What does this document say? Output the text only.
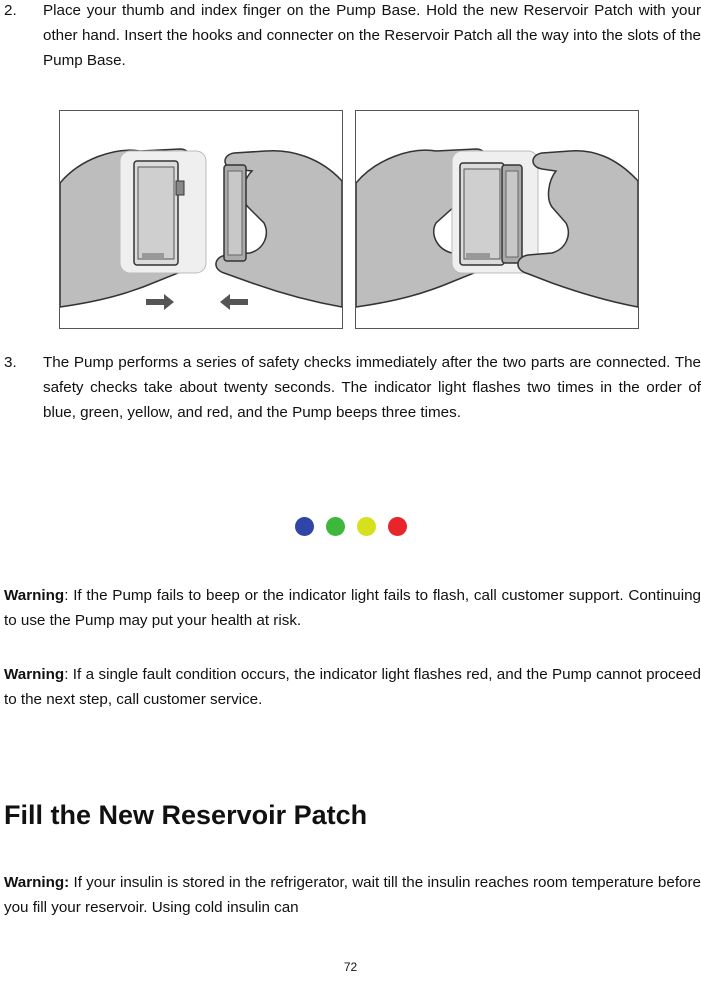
2. Place your thumb and index finger on the Pump Base. Hold the new Reservoir Patch with your other hand. Insert the hooks and connecter on the Reservoir Patch all the way into the slots of the Pump Base.
3. The Pump performs a series of safety checks immediately after the two parts are connected. The safety checks take about twenty seconds. The indicator light flashes two times in the order of blue, green, yellow, and red, and the Pump beeps three times.
Warning: If the Pump fails to beep or the indicator light fails to flash, call customer support. Continuing to use the Pump may put your health at risk.
Warning: If a single fault condition occurs, the indicator light flashes red, and the Pump cannot proceed to the next step, call customer service.
Fill the New Reservoir Patch
Warning: If your insulin is stored in the refrigerator, wait till the insulin reaches room temperature before you fill your reservoir. Using cold insulin can
72
